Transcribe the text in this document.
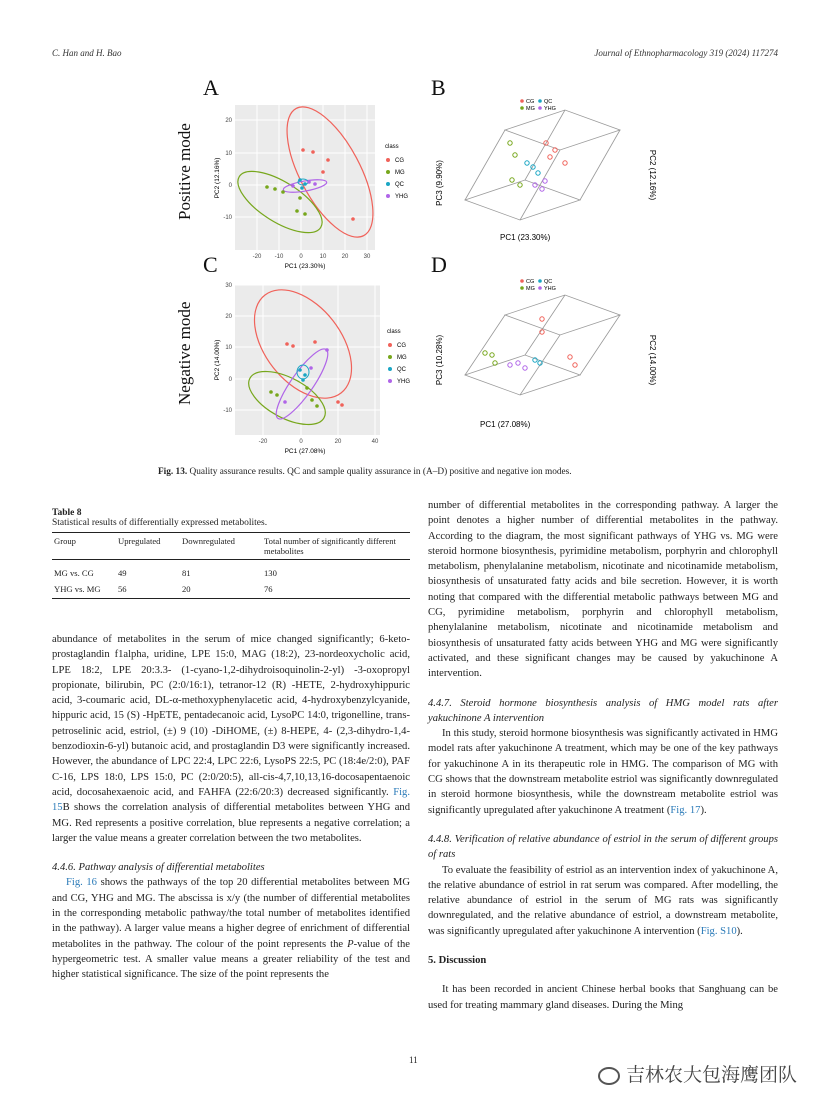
C. Han and H. Bao	Journal of Ethnopharmacology 319 (2024) 117274
A	B
C	D
Positive mode
Negative mode
20
10
0
-10
-20 -10	0	10	20	30
PC1 (23.30%)
PC2 (12.16%)
class
CG
MG
QC
YHG
30
20
10
0
-10
-20	0	20	40
PC1 (27.08%)
PC2 (14.00%)
class
CG
MG
QC
YHG
CG QC
MG YHG
PC1 (23.30%)
PC3 (9.90%)	PC2 (12.16%)
CG QC
MG YHG
PC1 (27.08%)
PC3 (10.28%)	PC2 (14.00%)
Fig. 13. Quality assurance results. QC and sample quality assurance in (A–D) positive and negative ion modes.
Table 8
Statistical results of differentially expressed metabolites.
Group	Upregulated	Downregulated	Total number of significantly different metabolites
MG vs. CG	49	81	130
YHG vs. MG	56	20	76

abundance of metabolites in the serum of mice changed significantly; 6-keto-prostaglandin f1alpha, uridine, LPE 15:0, MAG (18:2), 23-nordeoxycholic acid, LPE 18:2, LPE 20:3.3- (1-cyano-1,2-dihydroisoquinolin-2-yl) -3-oxopropyl propionate, bilirubin, PC (2:0/16:1), tetranor-12 (R) -HETE, 2-hydroxyhippuric acid, 3-coumaric acid, DL-α-methoxyphenylacetic acid, 4-hydroxybenzylcyanide, hippuric acid, 15 (S) -HpETE, pentadecanoic acid, LysoPC 14:0, trigonelline, trans-petroselinic acid, estriol, (±) 9 (10) -DiHOME, (±) 8-HEPE, 4- (2,3-dihydro-1,4-benzodioxin-6-yl) butanoic acid, and prostaglandin D3 were significantly increased. However, the abundance of LPC 22:4, LPC 22:6, LysoPS 22:5, PC (18:4e/2:0), PAF C-16, LPS 18:0, LPS 15:0, PC (2:0/20:5), all-cis-4,7,10,13,16-docosapentaenoic acid, docosahexaenoic acid, and FAHFA (22:6/20:3) decreased significantly. Fig. 15B shows the correlation analysis of differential metabolites between YHG and MG. Red represents a positive correlation, blue represents a negative correlation; a larger the value means a greater correlation between the two metabolites.

4.4.6. Pathway analysis of differential metabolites

Fig. 16 shows the pathways of the top 20 differential metabolites between MG and CG, YHG and MG. The abscissa is x/y (the number of differential metabolites in the corresponding metabolic pathway/the total number of metabolites identified in the pathway). A larger value means a higher degree of enrichment of differential metabolites in the pathway. The colour of the point represents the P-value of the hypergeometric test. A smaller value means a greater reliability of the test and higher statistical significance. The size of the point represents the

number of differential metabolites in the corresponding pathway. A larger the point denotes a higher number of differential metabolites in the pathway. According to the diagram, the most significant pathways of YHG vs. MG were steroid hormone biosynthesis, pyrimidine metabolism, porphyrin and chlorophyll metabolism, phenylalanine metabolism, nicotinate and nicotinamide metabolism, biosynthesis of unsaturated fatty acids and bile secretion. However, it is worth noting that compared with the differential metabolic pathways between MG and CG, pyrimidine metabolism, porphyrin and chlorophyll metabolism, phenylalanine metabolism, nicotinate and nicotinamide metabolism and biosynthesis of unsaturated fatty acids between YHG and MG were significantly activated, and these significant changes may be caused by yakuchinone A intervention.

4.4.7. Steroid hormone biosynthesis analysis of HMG model rats after yakuchinone A intervention

In this study, steroid hormone biosynthesis was significantly activated in HMG model rats after yakuchinone A treatment, which may be one of the key pathways for yakuchinone A in its therapeutic role in HMG. The comparison of MG with CG shows that the downstream metabolite estriol was significantly downregulated in steroid hormone biosynthesis, while the downstream metabolite estriol was significantly upregulated after yakuchinone A treatment (Fig. 17).

4.4.8. Verification of relative abundance of estriol in the serum of different groups of rats

To evaluate the feasibility of estriol as an intervention index of yakuchinone A, the relative abundance of estriol in rat serum was compared. After modelling, the relative abundance of estriol in the serum of MG rats was significantly downregulated, and the relative abundance of estriol, a downstream metabolite, was significantly upregulated after yakuchinone A intervention (Fig. S10).

5. Discussion

It has been recorded in ancient Chinese herbal books that Sanghuang can be used for treating mammary gland diseases. During the Ming

11
吉林农大包海鹰团队
